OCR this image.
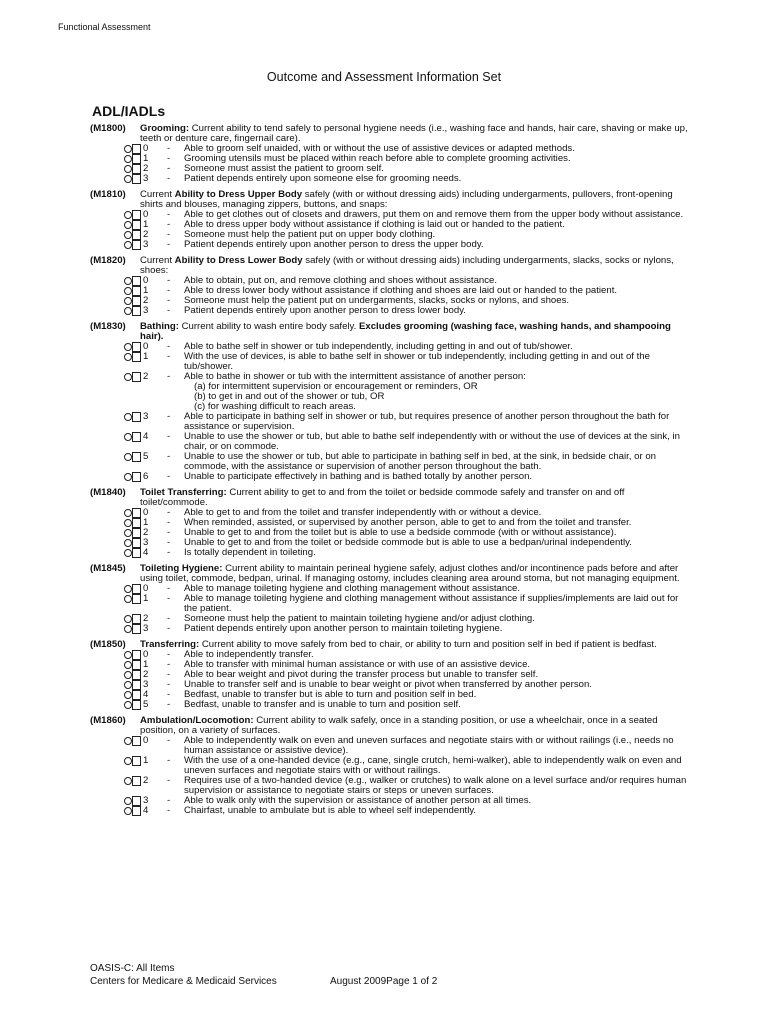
Functional Assessment
Outcome and Assessment Information Set
ADL/IADLs
(M1800) Grooming: Current ability to tend safely to personal hygiene needs (i.e., washing face and hands, hair care, shaving or make up, teeth or denture care, fingernail care).
0 - Able to groom self unaided, with or without the use of assistive devices or adapted methods.
1 - Grooming utensils must be placed within reach before able to complete grooming activities.
2 - Someone must assist the patient to groom self.
3 - Patient depends entirely upon someone else for grooming needs.
(M1810) Current Ability to Dress Upper Body safely (with or without dressing aids) including undergarments, pullovers, front-opening shirts and blouses, managing zippers, buttons, and snaps:
0 - Able to get clothes out of closets and drawers, put them on and remove them from the upper body without assistance.
1 - Able to dress upper body without assistance if clothing is laid out or handed to the patient.
2 - Someone must help the patient put on upper body clothing.
3 - Patient depends entirely upon another person to dress the upper body.
(M1820) Current Ability to Dress Lower Body safely (with or without dressing aids) including undergarments, slacks, socks or nylons, shoes:
0 - Able to obtain, put on, and remove clothing and shoes without assistance.
1 - Able to dress lower body without assistance if clothing and shoes are laid out or handed to the patient.
2 - Someone must help the patient put on undergarments, slacks, socks or nylons, and shoes.
3 - Patient depends entirely upon another person to dress lower body.
(M1830) Bathing: Current ability to wash entire body safely. Excludes grooming (washing face, washing hands, and shampooing hair).
0 - Able to bathe self in shower or tub independently, including getting in and out of tub/shower.
1 - With the use of devices, is able to bathe self in shower or tub independently, including getting in and out of the tub/shower.
2 - Able to bathe in shower or tub with the intermittent assistance of another person:
(a) for intermittent supervision or encouragement or reminders, OR
(b) to get in and out of the shower or tub, OR
(c) for washing difficult to reach areas.
3 - Able to participate in bathing self in shower or tub, but requires presence of another person throughout the bath for assistance or supervision.
4 - Unable to use the shower or tub, but able to bathe self independently with or without the use of devices at the sink, in chair, or on commode.
5 - Unable to use the shower or tub, but able to participate in bathing self in bed, at the sink, in bedside chair, or on commode, with the assistance or supervision of another person throughout the bath.
6 - Unable to participate effectively in bathing and is bathed totally by another person.
(M1840) Toilet Transferring: Current ability to get to and from the toilet or bedside commode safely and transfer on and off toilet/commode.
0 - Able to get to and from the toilet and transfer independently with or without a device.
1 - When reminded, assisted, or supervised by another person, able to get to and from the toilet and transfer.
2 - Unable to get to and from the toilet but is able to use a bedside commode (with or without assistance).
3 - Unable to get to and from the toilet or bedside commode but is able to use a bedpan/urinal independently.
4 - Is totally dependent in toileting.
(M1845) Toileting Hygiene: Current ability to maintain perineal hygiene safely, adjust clothes and/or incontinence pads before and after using toilet, commode, bedpan, urinal. If managing ostomy, includes cleaning area around stoma, but not managing equipment.
0 - Able to manage toileting hygiene and clothing management without assistance.
1 - Able to manage toileting hygiene and clothing management without assistance if supplies/implements are laid out for the patient.
2 - Someone must help the patient to maintain toileting hygiene and/or adjust clothing.
3 - Patient depends entirely upon another person to maintain toileting hygiene.
(M1850) Transferring: Current ability to move safely from bed to chair, or ability to turn and position self in bed if patient is bedfast.
0 - Able to independently transfer.
1 - Able to transfer with minimal human assistance or with use of an assistive device.
2 - Able to bear weight and pivot during the transfer process but unable to transfer self.
3 - Unable to transfer self and is unable to bear weight or pivot when transferred by another person.
4 - Bedfast, unable to transfer but is able to turn and position self in bed.
5 - Bedfast, unable to transfer and is unable to turn and position self.
(M1860) Ambulation/Locomotion: Current ability to walk safely, once in a standing position, or use a wheelchair, once in a seated position, on a variety of surfaces.
0 - Able to independently walk on even and uneven surfaces and negotiate stairs with or without railings (i.e., needs no human assistance or assistive device).
1 - With the use of a one-handed device (e.g., cane, single crutch, hemi-walker), able to independently walk on even and uneven surfaces and negotiate stairs with or without railings.
2 - Requires use of a two-handed device (e.g., walker or crutches) to walk alone on a level surface and/or requires human supervision or assistance to negotiate stairs or steps or uneven surfaces.
3 - Able to walk only with the supervision or assistance of another person at all times.
4 - Chairfast, unable to ambulate but is able to wheel self independently.
OASIS-C: All Items
Centers for Medicare & Medicaid Services	August 2009Page 1 of 2
